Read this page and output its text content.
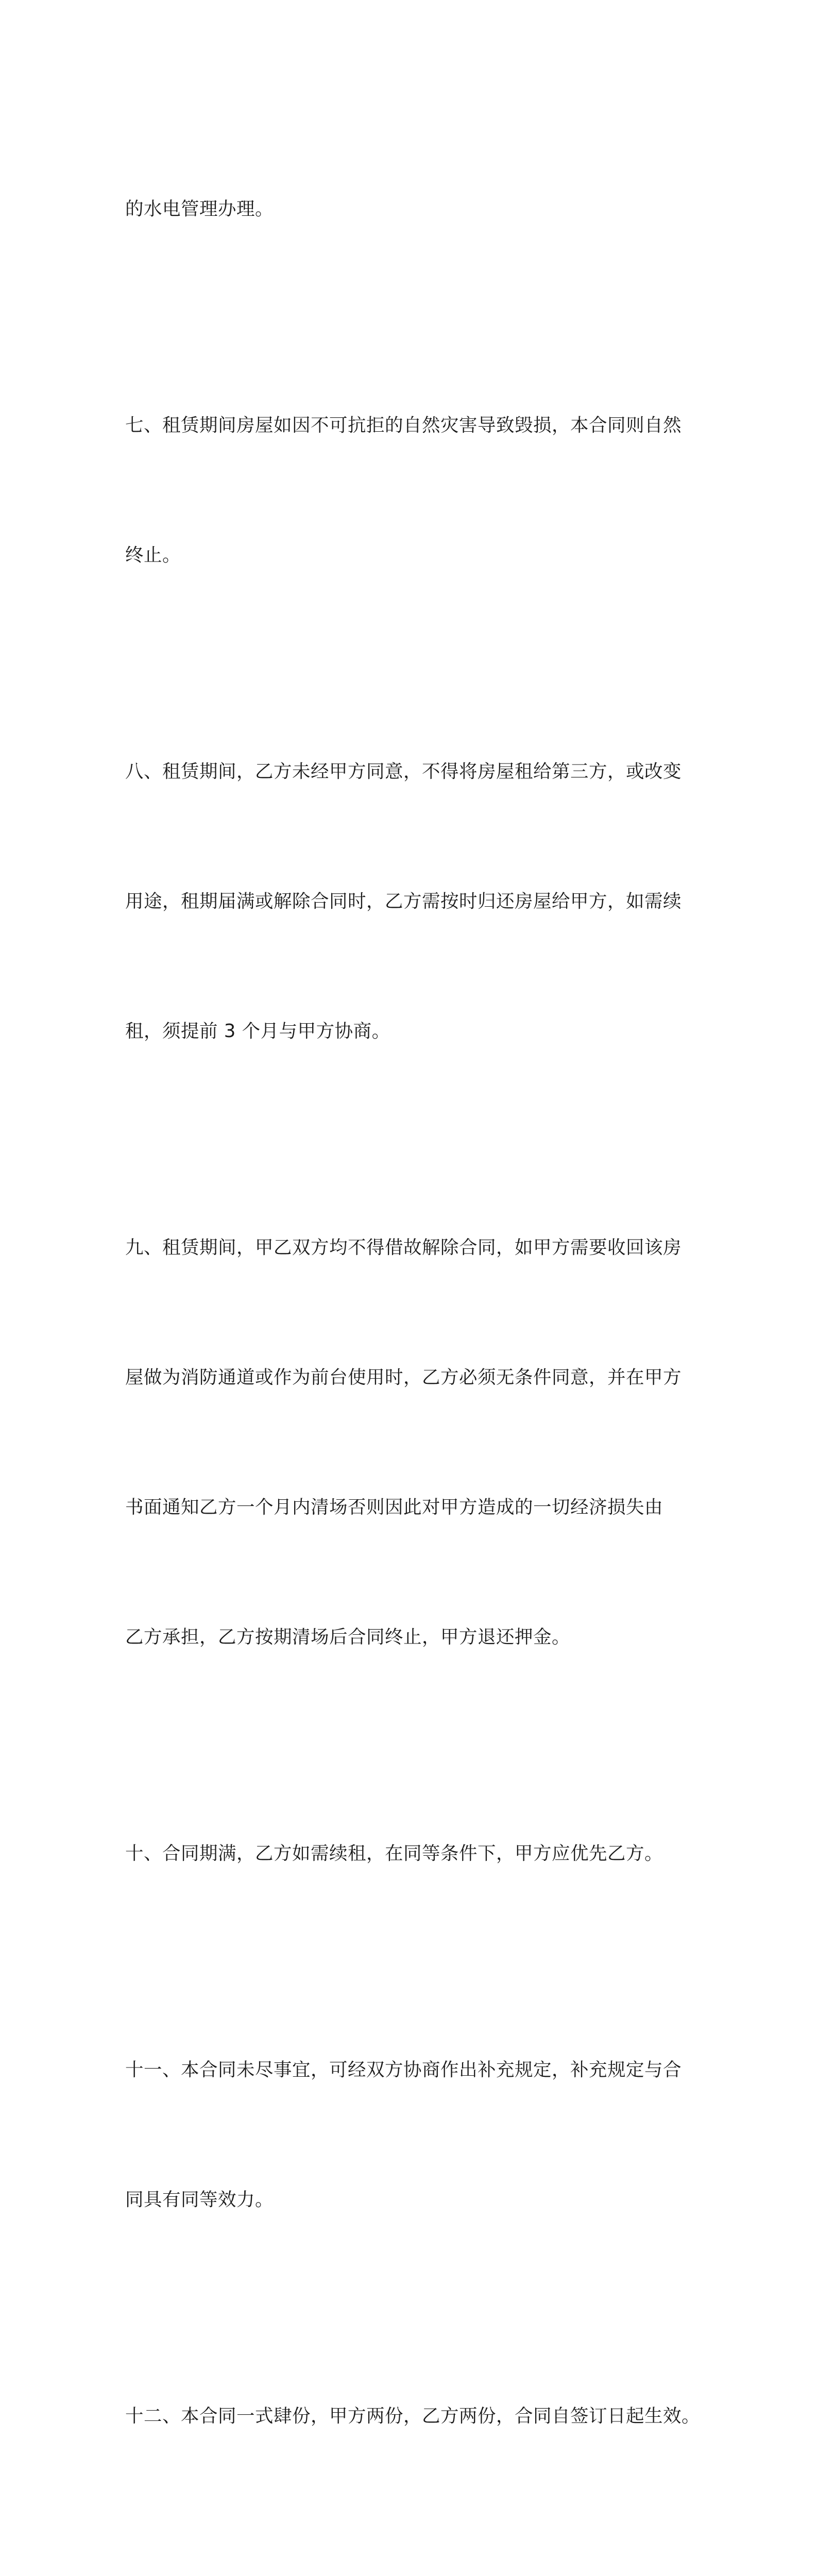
的水电管理办理。

七、租赁期间房屋如因不可抗拒的自然灾害导致毁损，本合同则自然

终止。

八、租赁期间，乙方未经甲方同意，不得将房屋租给第三方，或改变

用途，租期届满或解除合同时，乙方需按时归还房屋给甲方，如需续

租，须提前 3 个月与甲方协商。

九、租赁期间，甲乙双方均不得借故解除合同，如甲方需要收回该房

屋做为消防通道或作为前台使用时，乙方必须无条件同意，并在甲方

书面通知乙方一个月内清场否则因此对甲方造成的一切经济损失由

乙方承担，乙方按期清场后合同终止，甲方退还押金。

十、合同期满，乙方如需续租，在同等条件下，甲方应优先乙方。

十一、本合同未尽事宜，可经双方协商作出补充规定，补充规定与合

同具有同等效力。

十二、本合同一式肆份，甲方两份，乙方两份，合同自签订日起生效。
